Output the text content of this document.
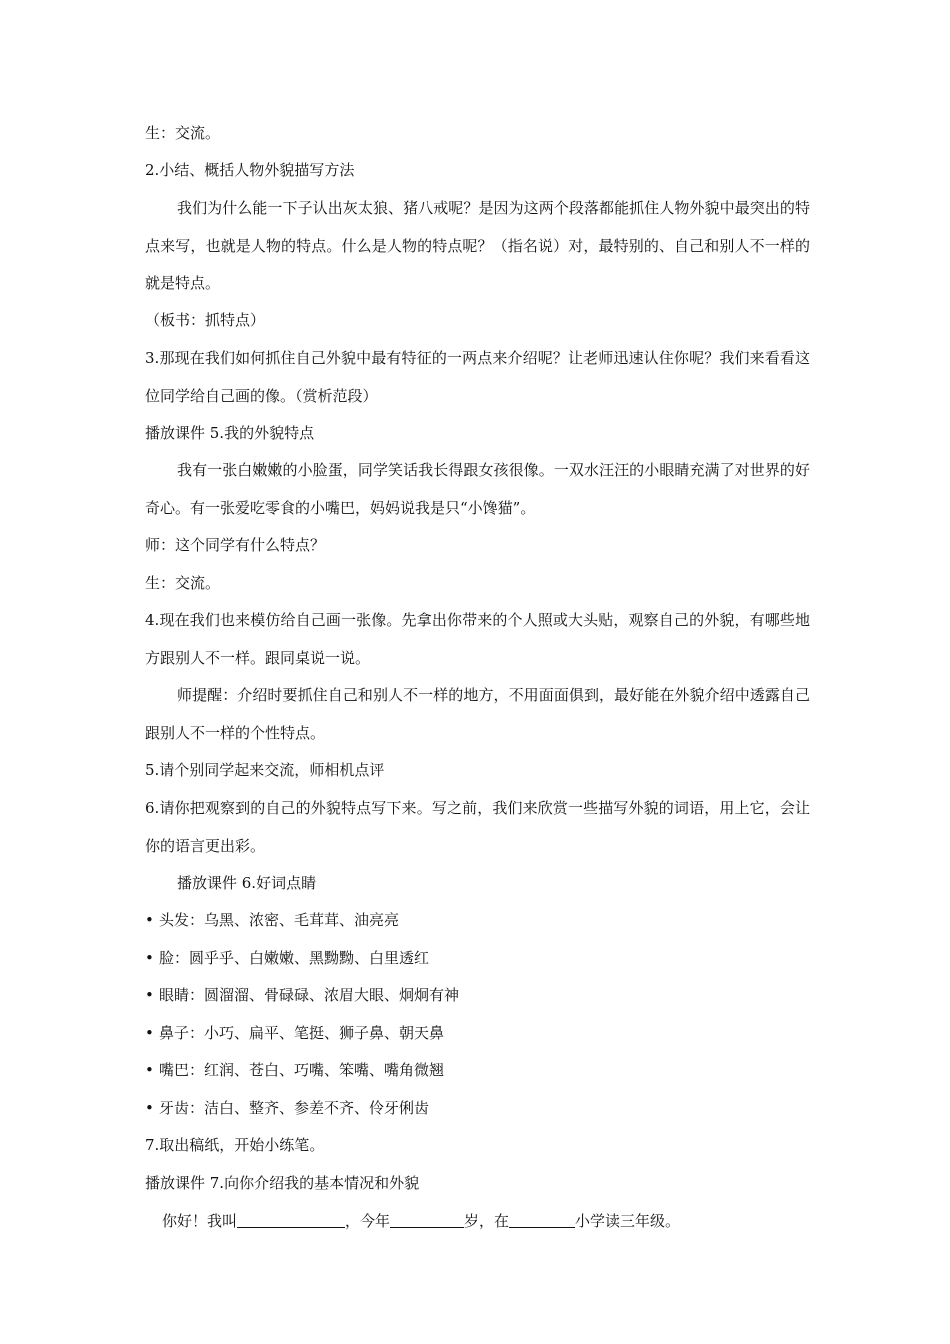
生：交流。

2.小结、概括人物外貌描写方法

我们为什么能一下子认出灰太狼、猪八戒呢？是因为这两个段落都能抓住人物外貌中最突出的特点来写，也就是人物的特点。什么是人物的特点呢？（指名说）对，最特别的、自己和别人不一样的就是特点。

（板书：抓特点）

3.那现在我们如何抓住自己外貌中最有特征的一两点来介绍呢？让老师迅速认住你呢？我们来看看这位同学给自己画的像。（赏析范段）

播放课件 5.我的外貌特点

我有一张白嫩嫩的小脸蛋，同学笑话我长得跟女孩很像。一双水汪汪的小眼睛充满了对世界的好奇心。有一张爱吃零食的小嘴巴，妈妈说我是只“小馋猫”。

师：这个同学有什么特点？

生：交流。

4.现在我们也来模仿给自己画一张像。先拿出你带来的个人照或大头贴，观察自己的外貌，有哪些地方跟别人不一样。跟同桌说一说。

师提醒：介绍时要抓住自己和别人不一样的地方，不用面面俱到，最好能在外貌介绍中透露自己跟别人不一样的个性特点。

5.请个别同学起来交流，师相机点评

6.请你把观察到的自己的外貌特点写下来。写之前，我们来欣赏一些描写外貌的词语，用上它，会让你的语言更出彩。

播放课件 6.好词点睛

• 头发：乌黑、浓密、毛茸茸、油亮亮

• 脸：圆乎乎、白嫩嫩、黑黝黝、白里透红

• 眼睛：圆溜溜、骨碌碌、浓眉大眼、炯炯有神

• 鼻子：小巧、扁平、笔挺、狮子鼻、朝天鼻

• 嘴巴：红润、苍白、巧嘴、笨嘴、嘴角微翘

• 牙齿：洁白、整齐、参差不齐、伶牙俐齿

7.取出稿纸，开始小练笔。

播放课件 7.向你介绍我的基本情况和外貌

你好！我叫	，今年	岁，在	小学读三年级。
